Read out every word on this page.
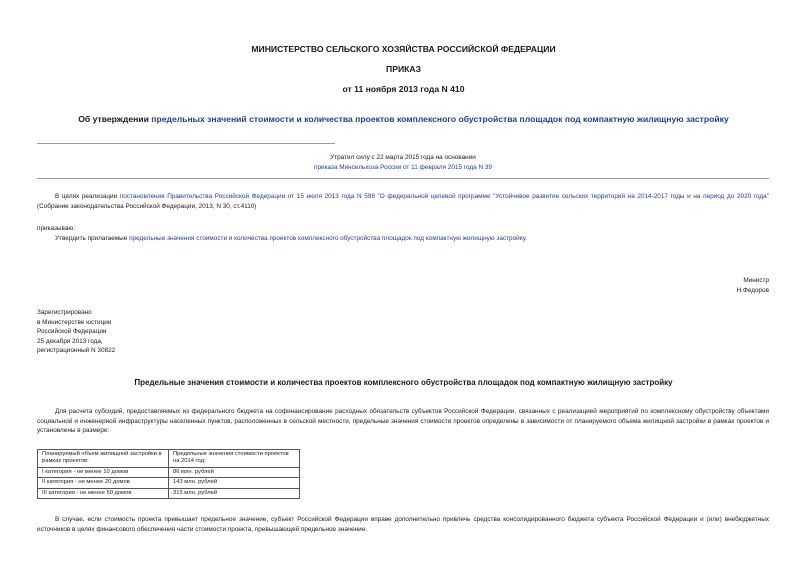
МИНИСТЕРСТВО СЕЛЬСКОГО ХОЗЯЙСТВА РОССИЙСКОЙ ФЕДЕРАЦИИ
ПРИКАЗ
от 11 ноября 2013 года N 410
Об утверждении предельных значений стоимости и количества проектов комплексного обустройства площадок под компактную жилищную застройку
Утратил силу с 22 марта 2015 года на основании
приказа Минсельхоза России от 11 февраля 2015 года N 39
В целях реализации постановления Правительства Российской Федерации от 15 июля 2013 года N 598 "О федеральной целевой программе "Устойчивое развитие сельских территорий на 2014-2017 годы и на период до 2020 года" (Собрание законодательства Российской Федерации, 2013, N 30, ст.4110)
приказываю:
Утвердить прилагаемые предельные значения стоимости и количества проектов комплексного обустройства площадок под компактную жилищную застройку.
Министр
Н.Федоров
Зарегистрировано
в Министерстве юстиции
Российской Федерации
25 декабря 2013 года,
регистрационный N 30822
Предельные значения стоимости и количества проектов комплексного обустройства площадок под компактную жилищную застройку
Для расчета субсидий, предоставляемых из федерального бюджета на софинансирование расходных обязательств субъектов Российской Федерации, связанных с реализацией мероприятий по комплексному обустройству объектами социальной и инженерной инфраструктуры населенных пунктов, расположенных в сельской местности, предельные значения стоимости проектов определены в зависимости от планируемого объема жилищной застройки в рамках проектов и установлены в размере:
Планируемый объем жилищной застройки в рамках проектов:	Предельные значения стоимости проектов на 2014 год:
I категория - не менее 10 домов	86 млн. рублей
II категория - не менее 20 домов	143 млн. рублей
III категория - не менее 50 домов	315 млн. рублей
В случае, если стоимость проекта превышает предельное значение, субъект Российской Федерации вправе дополнительно привлечь средства консолидированного бюджета субъекта Российской Федерации и (или) внебюджетных источников в целях финансового обеспечения части стоимости проекта, превышающей предельное значение.
